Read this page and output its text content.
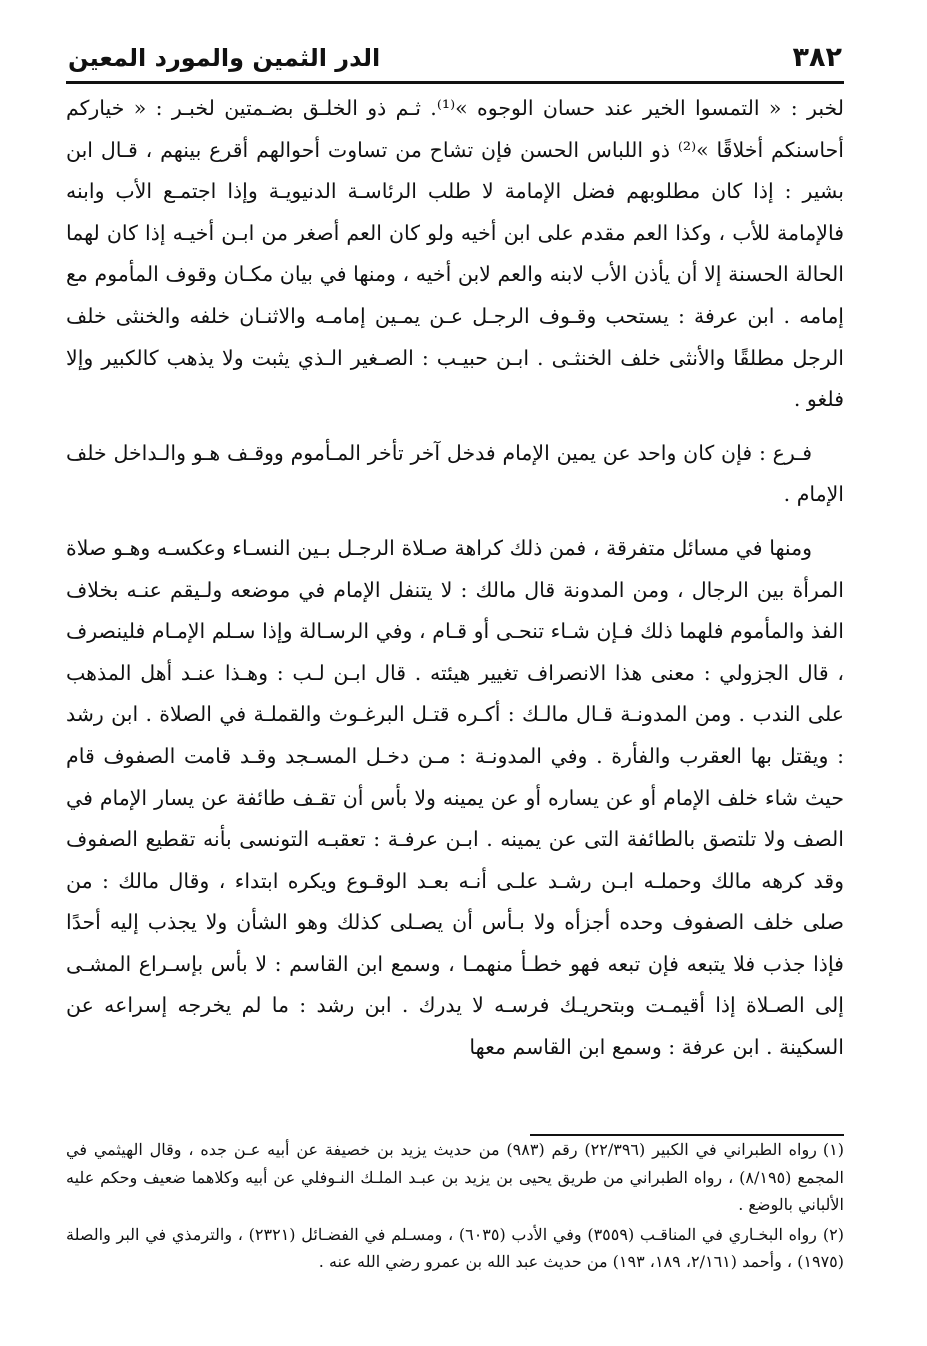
٣٨٢
الدر الثمين والمورد المعين

لخبر : « التمسوا الخير عند حسان الوجوه »⁽¹⁾. ثـم ذو الخلـق بضـمتين لخبـر : « خياركم أحاسنكم أخلاقًا »⁽²⁾ ذو اللباس الحسن فإن تشاح من تساوت أحوالهم أقرع بينهم ، قـال ابن بشير : إذا كان مطلوبهم فضل الإمامة لا طلب الرئاسـة الدنيويـة وإذا اجتمـع الأب وابنه فالإمامة للأب ، وكذا العم مقدم على ابن أخيه ولو كان العم أصغر من ابـن أخيـه إذا كان لهما الحالة الحسنة إلا أن يأذن الأب لابنه والعم لابن أخيه ، ومنها في بيان مكـان وقوف المأموم مع إمامه . ابن عرفة : يستحب وقـوف الرجـل عـن يمـين إمامـه والاثنـان خلفه والخنثى خلف الرجل مطلقًا والأنثى خلف الخنثـى . ابـن حبيـب : الصـغير الـذي يثبت ولا يذهب كالكبير وإلا فلغو .

فـرع : فإن كان واحد عن يمين الإمام فدخل آخر تأخر المـأموم ووقـف هـو والـداخل خلف الإمام .

ومنها في مسائل متفرقة ، فمن ذلك كراهة صـلاة الرجـل بـين النسـاء وعكسـه وهـو صلاة المرأة بين الرجال ، ومن المدونة قال مالك : لا يتنفل الإمام في موضعه ولـيقم عنـه بخلاف الفذ والمأموم فلهما ذلك فـإن شـاء تنحـى أو قـام ، وفي الرسـالة وإذا سـلم الإمـام فلينصرف ، قال الجزولي : معنى هذا الانصراف تغيير هيئته . قال ابـن لـب : وهـذا عنـد أهل المذهب على الندب . ومن المدونـة قـال مالـك : أكـره قتـل البرغـوث والقملـة في الصلاة . ابن رشد : ويقتل بها العقرب والفأرة . وفي المدونـة : مـن دخـل المسـجد وقـد قامت الصفوف قام حيث شاء خلف الإمام أو عن يساره أو عن يمينه ولا بأس أن تقـف طائفة عن يسار الإمام في الصف ولا تلتصق بالطائفة التى عن يمينه . ابـن عرفـة : تعقبـه التونسى بأنه تقطيع الصفوف وقد كرهه مالك وحملـه ابـن رشـد علـى أنـه بعـد الوقـوع ويكره ابتداء ، وقال مالك : من صلى خلف الصفوف وحده أجزأه ولا بـأس أن يصـلى كذلك وهو الشأن ولا يجذب إليه أحدًا فإذا جذب فلا يتبعه فإن تبعه فهو خطـأ منهمـا ، وسمع ابن القاسم : لا بأس بإسـراع المشـى إلى الصـلاة إذا أقيمـت وبتحريـك فرسـه لا يدرك . ابن رشد : ما لم يخرجه إسراعه عن السكينة . ابن عرفة : وسمع ابن القاسم معها

(١)رواه الطبراني في الكبير (٢٢/٣٩٦) رقم (٩٨٣) من حديث يزيد بن خصيفة عن أبيه عـن جده ، وقال الهيثمي في المجمع (٨/١٩٥) ، رواه الطبراني من طريق يحيى بن يزيد بن عبـد الملـك النـوفلي عن أبيه وكلاهما ضعيف وحكم عليه الألباني بالوضع .

(٢)رواه البخـاري في المناقـب (٣٥٥٩) وفي الأدب (٦٠٣٥) ، ومسـلم في الفضـائل (٢٣٢١) ، والترمذي في البر والصلة (١٩٧٥) ، وأحمد (٢/١٦١، ١٨٩، ١٩٣) من حديث عبد الله بن عمرو رضي الله عنه .
